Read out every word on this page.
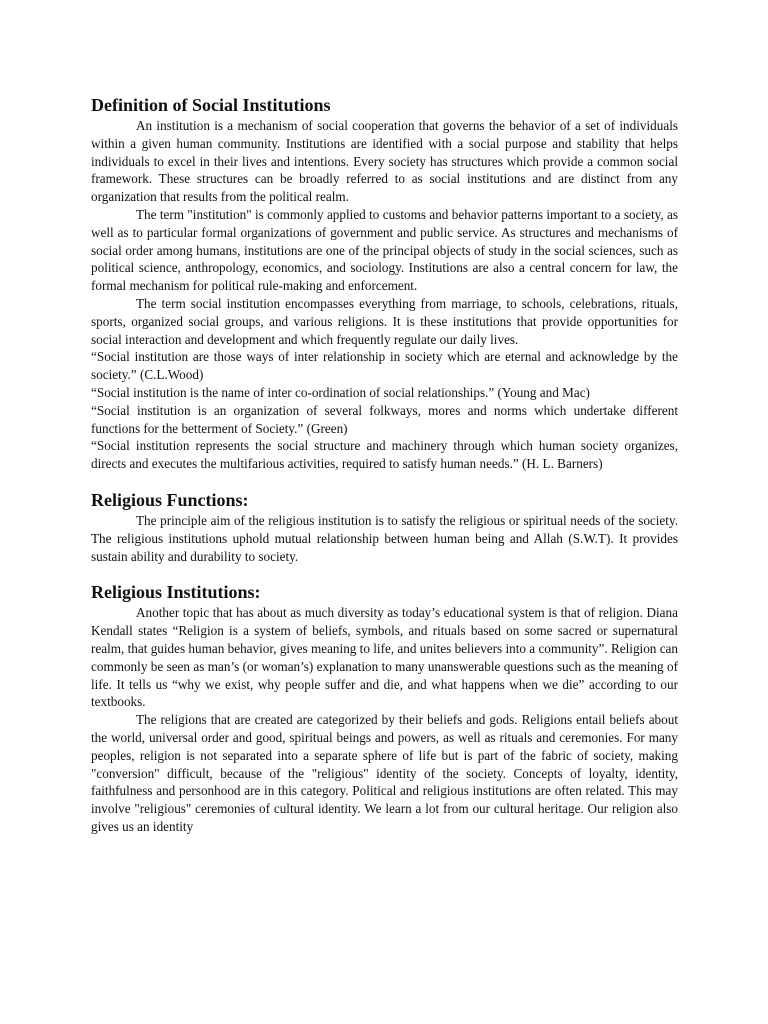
Definition of Social Institutions

An institution is a mechanism of social cooperation that governs the behavior of a set of individuals within a given human community. Institutions are identified with a social purpose and stability that helps individuals to excel in their lives and intentions. Every society has structures which provide a common social framework. These structures can be broadly referred to as social institutions and are distinct from any organization that results from the political realm.

The term "institution" is commonly applied to customs and behavior patterns important to a society, as well as to particular formal organizations of government and public service. As structures and mechanisms of social order among humans, institutions are one of the principal objects of study in the social sciences, such as political science, anthropology, economics, and sociology. Institutions are also a central concern for law, the formal mechanism for political rule-making and enforcement.

The term social institution encompasses everything from marriage, to schools, celebrations, rituals, sports, organized social groups, and various religions. It is these institutions that provide opportunities for social interaction and development and which frequently regulate our daily lives.

“Social institution are those ways of inter relationship in society which are eternal and acknowledge by the society.” (C.L.Wood)

“Social institution is the name of inter co-ordination of social relationships.” (Young and Mac)

“Social institution is an organization of several folkways, mores and norms which undertake different functions for the betterment of Society.” (Green)

“Social institution represents the social structure and machinery through which human society organizes, directs and executes the multifarious activities, required to satisfy human needs.” (H. L. Barners)

Religious Functions:

The principle aim of the religious institution is to satisfy the religious or spiritual needs of the society. The religious institutions uphold mutual relationship between human being and Allah (S.W.T). It provides sustain ability and durability to society.

Religious Institutions:

Another topic that has about as much diversity as today’s educational system is that of religion. Diana Kendall states “Religion is a system of beliefs, symbols, and rituals based on some sacred or supernatural realm, that guides human behavior, gives meaning to life, and unites believers into a community”. Religion can commonly be seen as man’s (or woman’s) explanation to many unanswerable questions such as the meaning of life. It tells us “why we exist, why people suffer and die, and what happens when we die” according to our textbooks.

The religions that are created are categorized by their beliefs and gods. Religions entail beliefs about the world, universal order and good, spiritual beings and powers, as well as rituals and ceremonies. For many peoples, religion is not separated into a separate sphere of life but is part of the fabric of society, making "conversion" difficult, because of the "religious" identity of the society. Concepts of loyalty, identity, faithfulness and personhood are in this category. Political and religious institutions are often related. This may involve "religious" ceremonies of cultural identity. We learn a lot from our cultural heritage. Our religion also gives us an identity
